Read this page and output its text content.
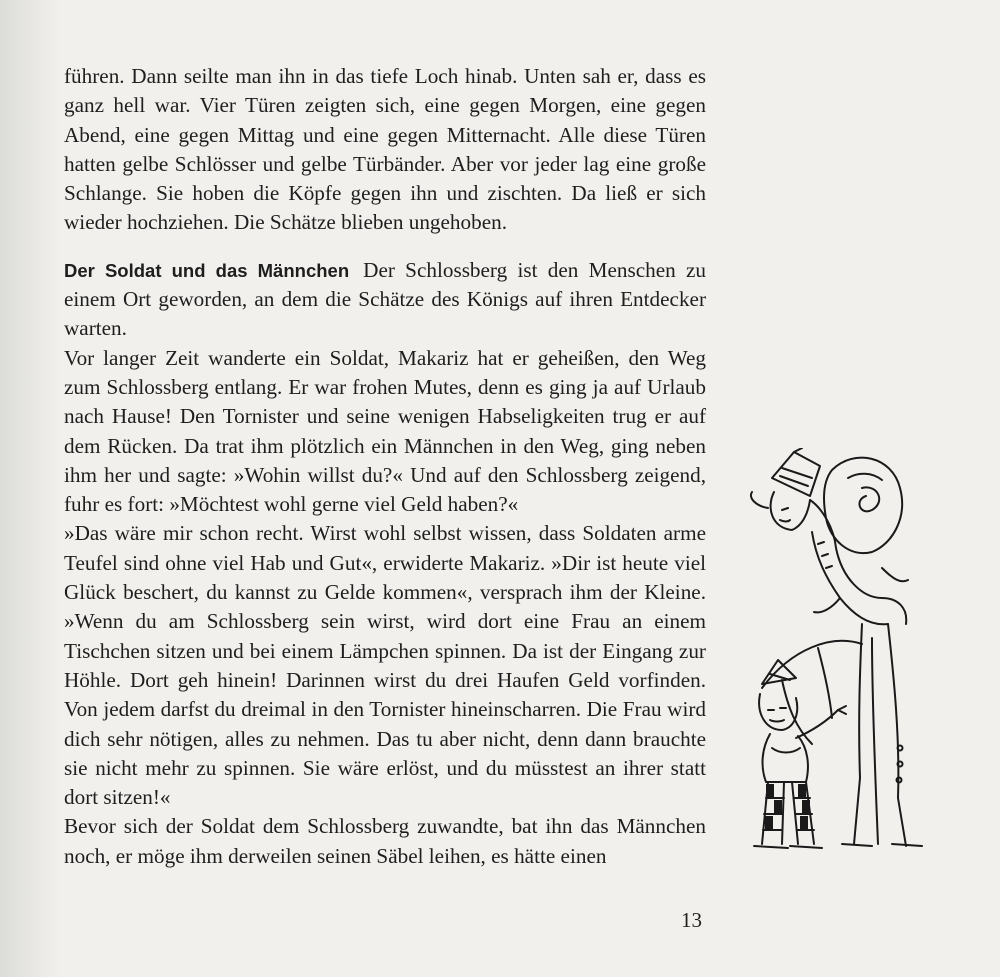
führen. Dann seilte man ihn in das tiefe Loch hinab. Unten sah er, dass es ganz hell war. Vier Türen zeigten sich, eine gegen Morgen, eine gegen Abend, eine gegen Mittag und eine gegen Mitternacht. Alle diese Türen hatten gelbe Schlösser und gelbe Türbänder. Aber vor jeder lag eine große Schlange. Sie hoben die Köpfe gegen ihn und zischten. Da ließ er sich wieder hochziehen. Die Schätze blieben ungehoben.

Der Soldat und das Männchen Der Schlossberg ist den Menschen zu einem Ort geworden, an dem die Schätze des Königs auf ihren Entdecker warten.

Vor langer Zeit wanderte ein Soldat, Makariz hat er geheißen, den Weg zum Schlossberg entlang. Er war frohen Mutes, denn es ging ja auf Urlaub nach Hause! Den Tornister und seine wenigen Habseligkeiten trug er auf dem Rücken. Da trat ihm plötzlich ein Männchen in den Weg, ging neben ihm her und sagte: »Wohin willst du?« Und auf den Schlossberg zeigend, fuhr es fort: »Möchtest wohl gerne viel Geld haben?«

»Das wäre mir schon recht. Wirst wohl selbst wissen, dass Soldaten arme Teufel sind ohne viel Hab und Gut«, erwiderte Makariz. »Dir ist heute viel Glück beschert, du kannst zu Gelde kommen«, versprach ihm der Kleine. »Wenn du am Schlossberg sein wirst, wird dort eine Frau an einem Tischchen sitzen und bei einem Lämpchen spinnen. Da ist der Eingang zur Höhle. Dort geh hinein! Darinnen wirst du drei Haufen Geld vorfinden. Von jedem darfst du dreimal in den Tornister hineinscharren. Die Frau wird dich sehr nötigen, alles zu nehmen. Das tu aber nicht, denn dann brauchte sie nicht mehr zu spinnen. Sie wäre erlöst, und du müsstest an ihrer statt dort sitzen!«

Bevor sich der Soldat dem Schlossberg zuwandte, bat ihn das Männchen noch, er möge ihm derweilen seinen Säbel leihen, es hätte einen

13
